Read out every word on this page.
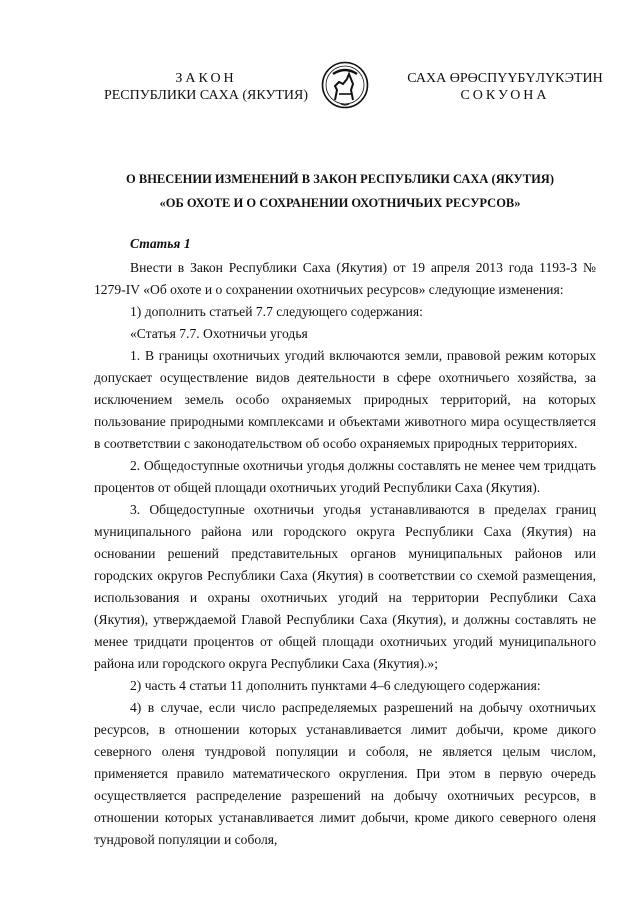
ЗАКОН
РЕСПУБЛИКИ САХА (ЯКУТИЯ)
САХА ӨРӨСПҮҮБҮЛҮКЭТИН
СОКУОНА
О ВНЕСЕНИИ ИЗМЕНЕНИЙ В ЗАКОН РЕСПУБЛИКИ САХА (ЯКУТИЯ)
«ОБ ОХОТЕ И О СОХРАНЕНИИ ОХОТНИЧЬИХ РЕСУРСОВ»

Статья 1

Внести в Закон Республики Саха (Якутия) от 19 апреля 2013 года 1193-З № 1279-IV «Об охоте и о сохранении охотничьих ресурсов» следующие изменения:

1) дополнить статьей 7.7 следующего содержания:

«Статья 7.7. Охотничьи угодья

1. В границы охотничьих угодий включаются земли, правовой режим которых допускает осуществление видов деятельности в сфере охотничьего хозяйства, за исключением земель особо охраняемых природных территорий, на которых пользование природными комплексами и объектами животного мира осуществляется в соответствии с законодательством об особо охраняемых природных территориях.

2. Общедоступные охотничьи угодья должны составлять не менее чем тридцать процентов от общей площади охотничьих угодий Республики Саха (Якутия).

3. Общедоступные охотничьи угодья устанавливаются в пределах границ муниципального района или городского округа Республики Саха (Якутия) на основании решений представительных органов муниципальных районов или городских округов Республики Саха (Якутия) в соответствии со схемой размещения, использования и охраны охотничьих угодий на территории Республики Саха (Якутия), утверждаемой Главой Республики Саха (Якутия), и должны составлять не менее тридцати процентов от общей площади охотничьих угодий муниципального района или городского округа Республики Саха (Якутия).»;

2) часть 4 статьи 11 дополнить пунктами 4–6 следующего содержания:

4) в случае, если число распределяемых разрешений на добычу охотничьих ресурсов, в отношении которых устанавливается лимит добычи, кроме дикого северного оленя тундровой популяции и соболя, не является целым числом, применяется правило математического округления. При этом в первую очередь осуществляется распределение разрешений на добычу охотничьих ресурсов, в отношении которых устанавливается лимит добычи, кроме дикого северного оленя тундровой популяции и соболя,
